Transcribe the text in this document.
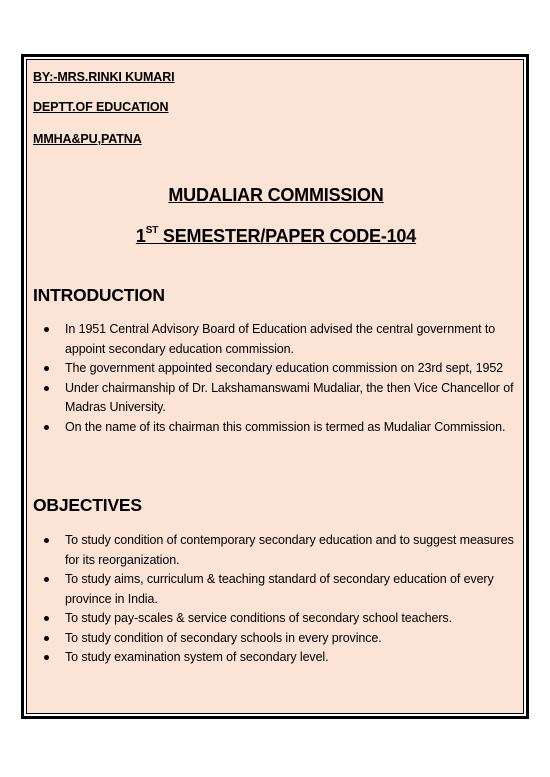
BY:-MRS.RINKI KUMARI
DEPTT.OF EDUCATION
MMHA&PU,PATNA
MUDALIAR COMMISSION
1ST SEMESTER/PAPER CODE-104
INTRODUCTION
In 1951 Central Advisory Board of Education advised the central government to appoint secondary education commission.
The government appointed secondary education commission on 23rd sept, 1952
Under chairmanship of Dr. Lakshamanswami Mudaliar, the then Vice Chancellor of Madras University.
On the name of its chairman this commission is termed as Mudaliar Commission.
OBJECTIVES
To study condition of contemporary secondary education and to suggest measures for its reorganization.
To study aims, curriculum & teaching standard of secondary education of every province in India.
To study pay-scales & service conditions of secondary school teachers.
To study condition of secondary schools in every province.
To study examination system of secondary level.
